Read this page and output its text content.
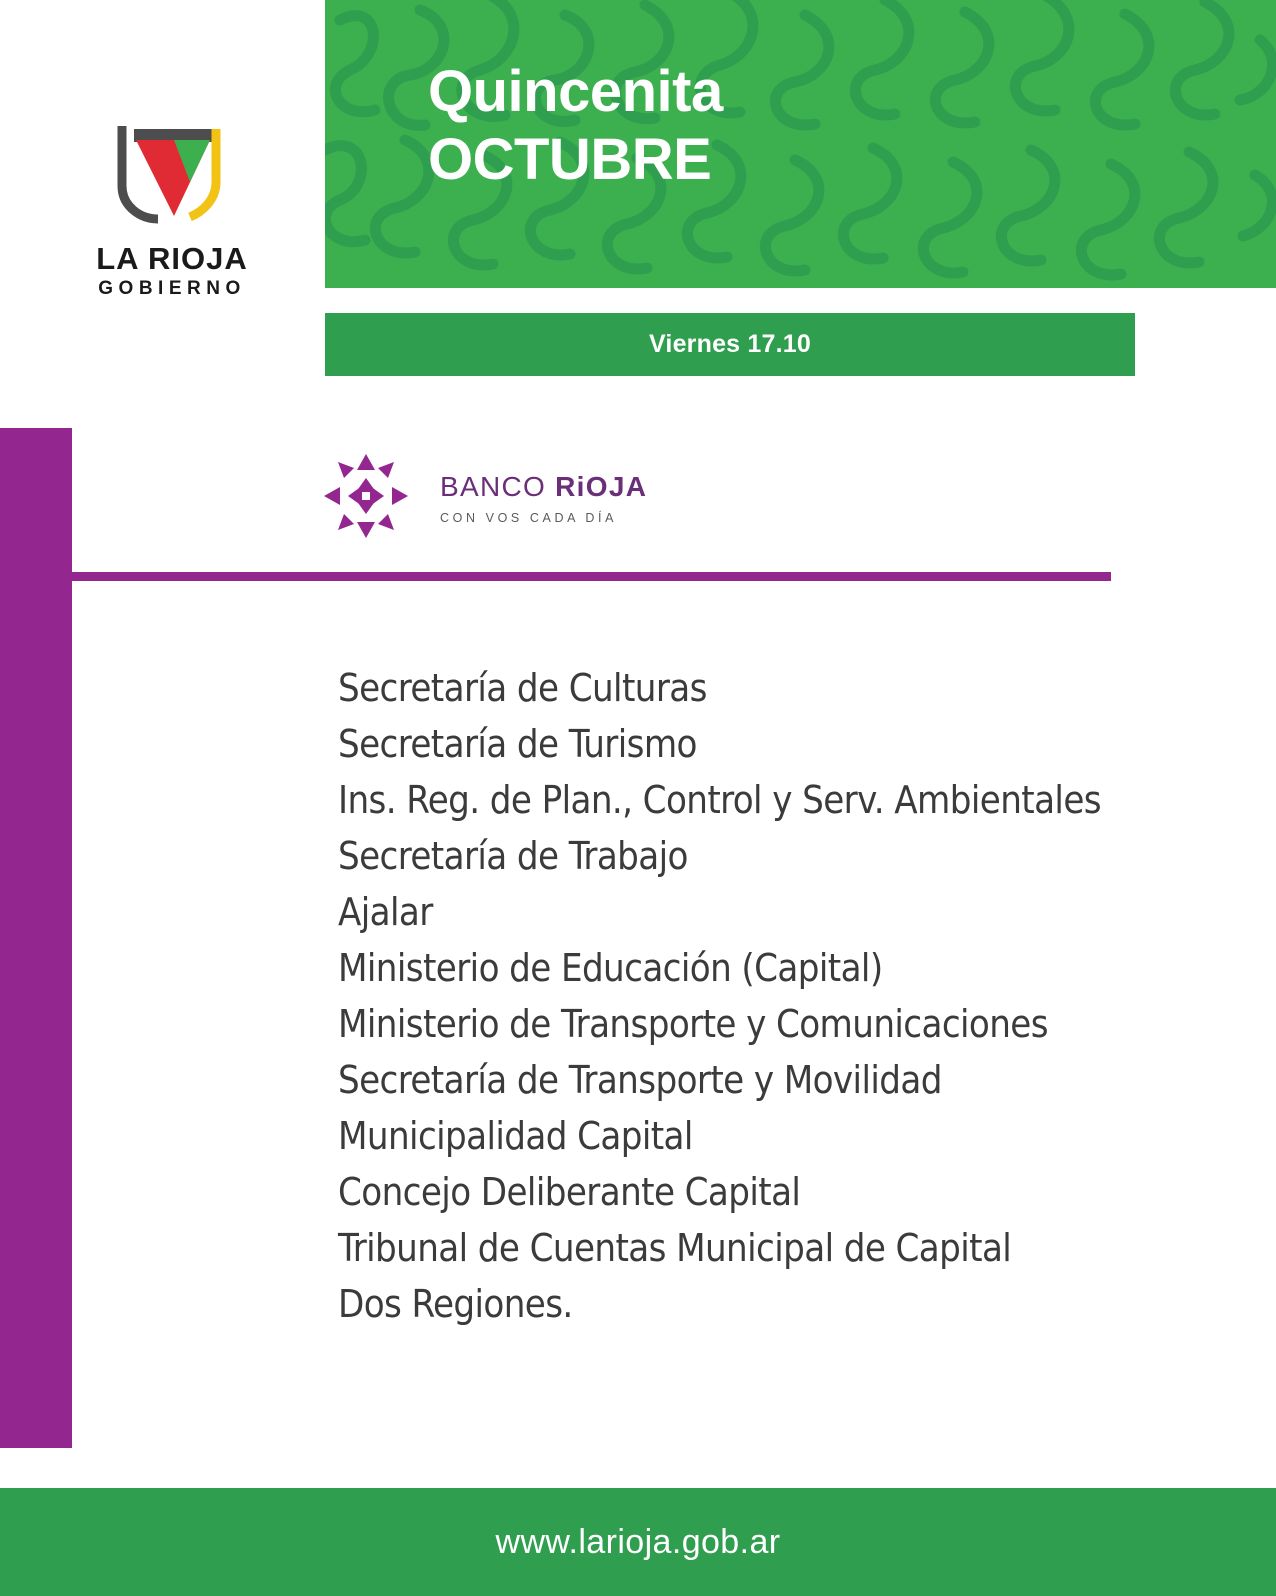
Quincenita
OCTUBRE
Viernes 17.10
LA RIOJA
GOBIERNO
BANCO RiOJA
CON VOS CADA DÍA
Secretaría de Culturas
Secretaría de Turismo
Ins. Reg. de Plan., Control y Serv. Ambientales
Secretaría de Trabajo
Ajalar
Ministerio de Educación (Capital)
Ministerio de Transporte y Comunicaciones
Secretaría de Transporte y Movilidad
Municipalidad Capital
Concejo Deliberante Capital
Tribunal de Cuentas Municipal de Capital
Dos Regiones.
www.larioja.gob.ar
